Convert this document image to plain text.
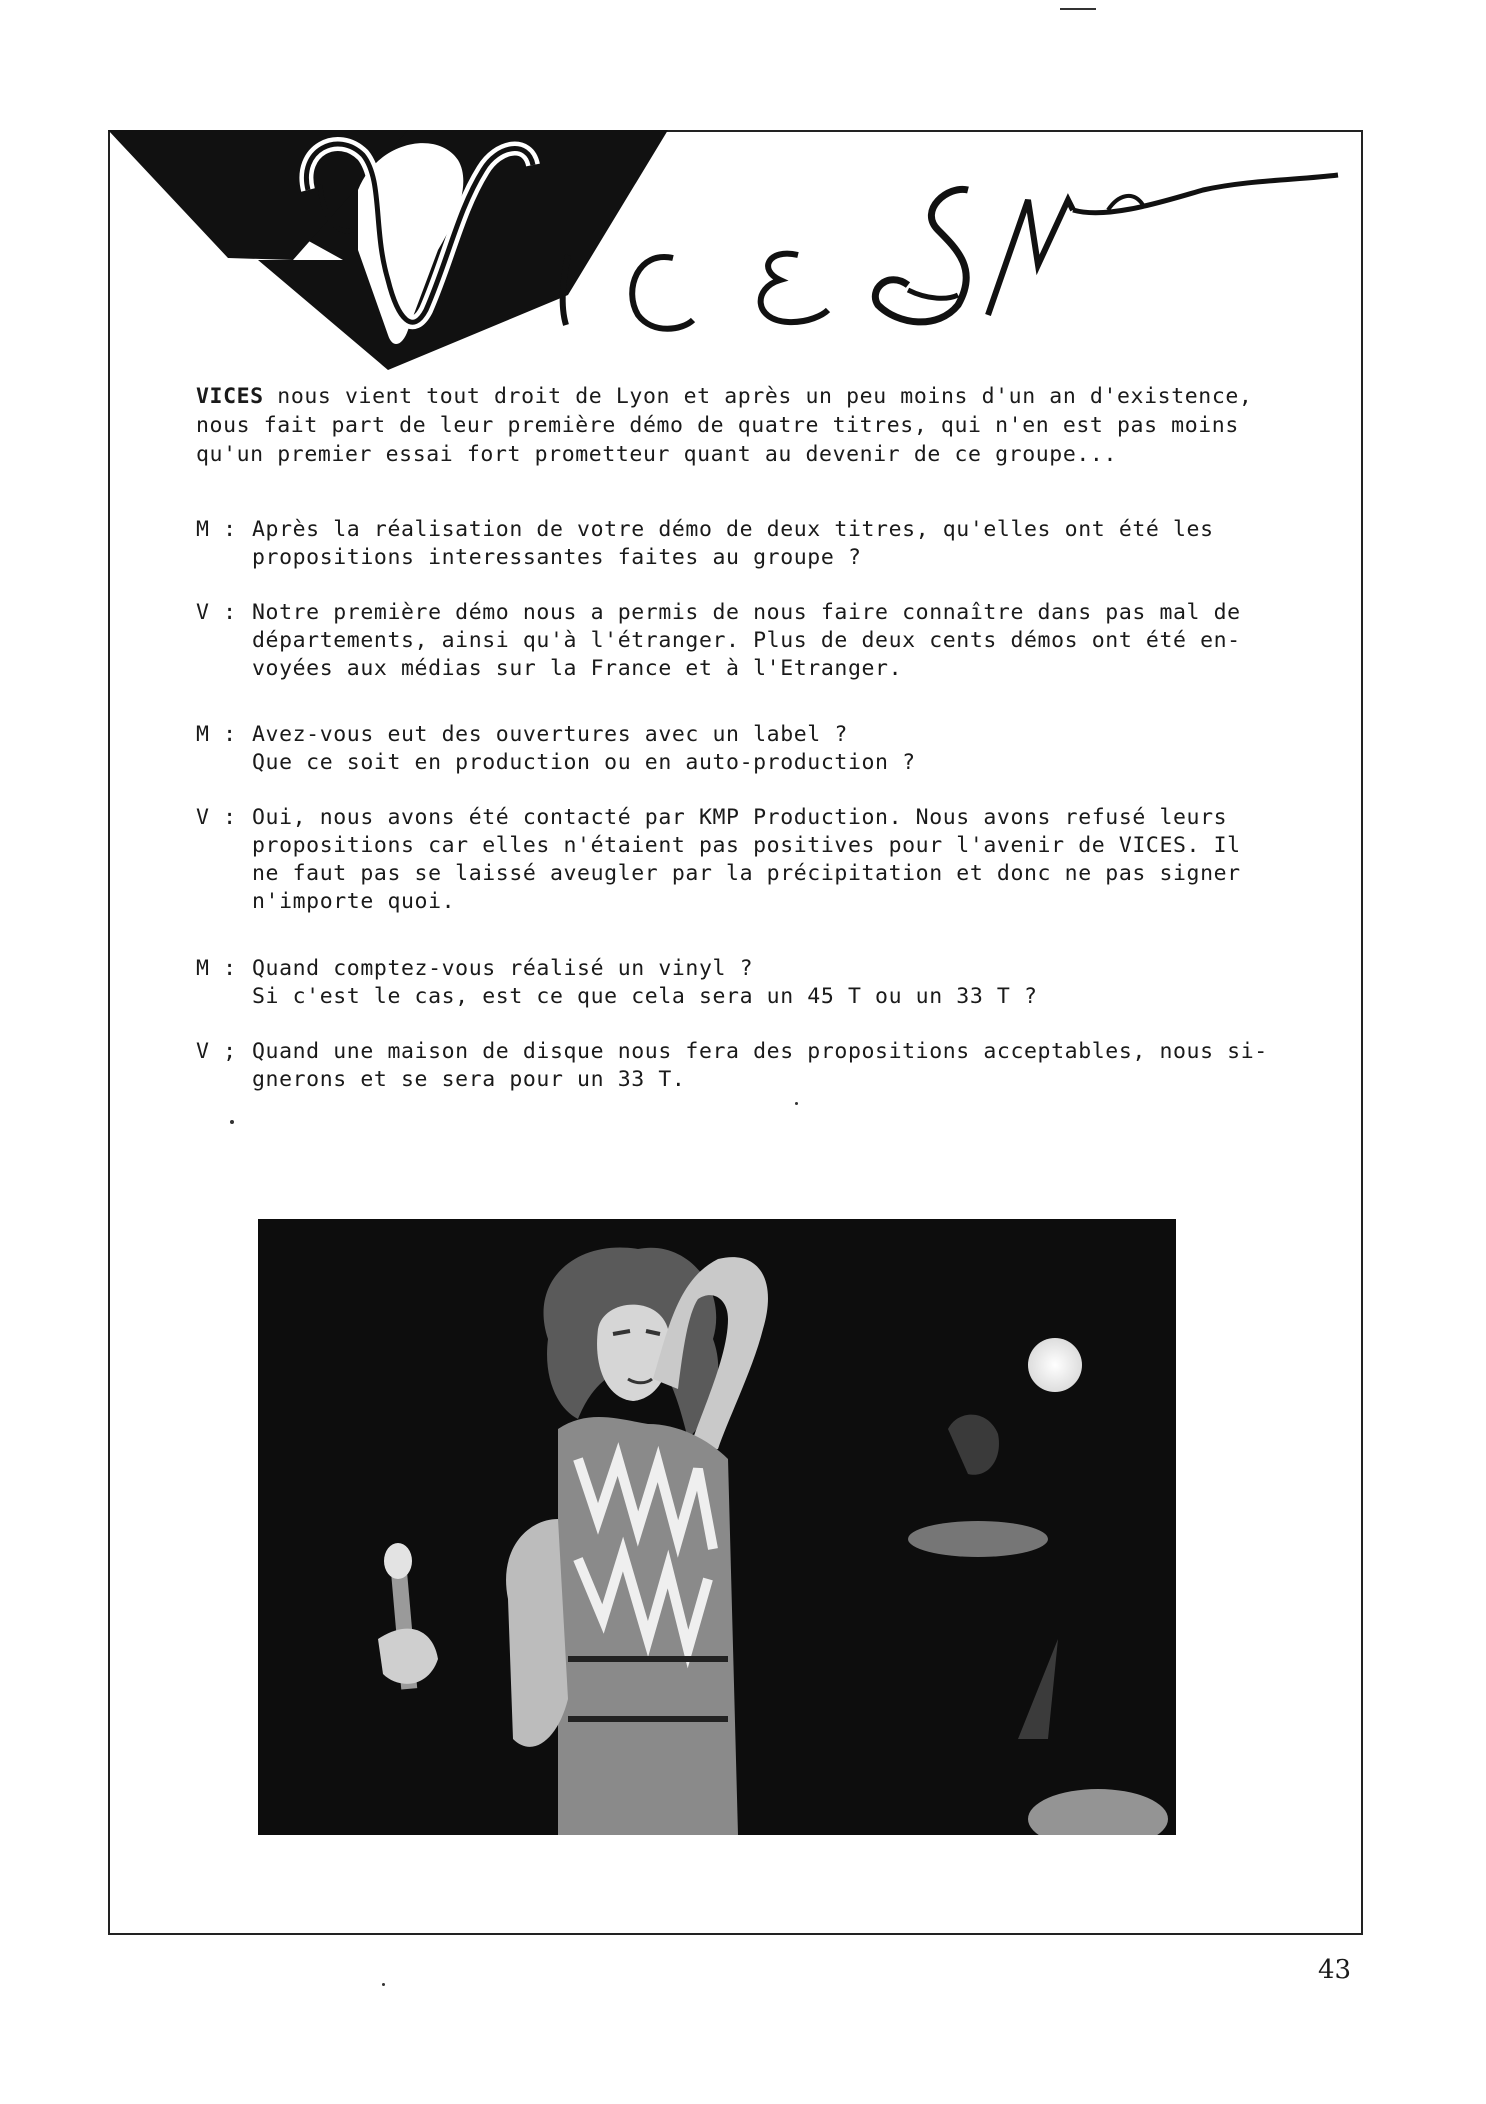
VICES
VICES nous vient tout droit de Lyon et après un peu moins d'un an d'existence,
nous fait part de leur première démo de quatre titres, qui n'en est pas moins
qu'un premier essai fort prometteur quant au devenir de ce groupe...
M : Après la réalisation de votre démo de deux titres, qu'elles ont été les
propositions interessantes faites au groupe ?
V : Notre première démo nous a permis de nous faire connaître dans pas mal de
départements, ainsi qu'à l'étranger. Plus de deux cents démos ont été en-
voyées aux médias sur la France et à l'Etranger.
M : Avez-vous eut des ouvertures avec un label ?
Que ce soit en production ou en auto-production ?
V : Oui, nous avons été contacté par KMP Production. Nous avons refusé leurs
propositions car elles n'étaient pas positives pour l'avenir de VICES. Il
ne faut pas se laissé aveugler par la précipitation et donc ne pas signer
n'importe quoi.
M : Quand comptez-vous réalisé un vinyl ?
Si c'est le cas, est ce que cela sera un 45 T ou un 33 T ?
V ; Quand une maison de disque nous fera des propositions acceptables, nous si-
gnerons et se sera pour un 33 T.
43
